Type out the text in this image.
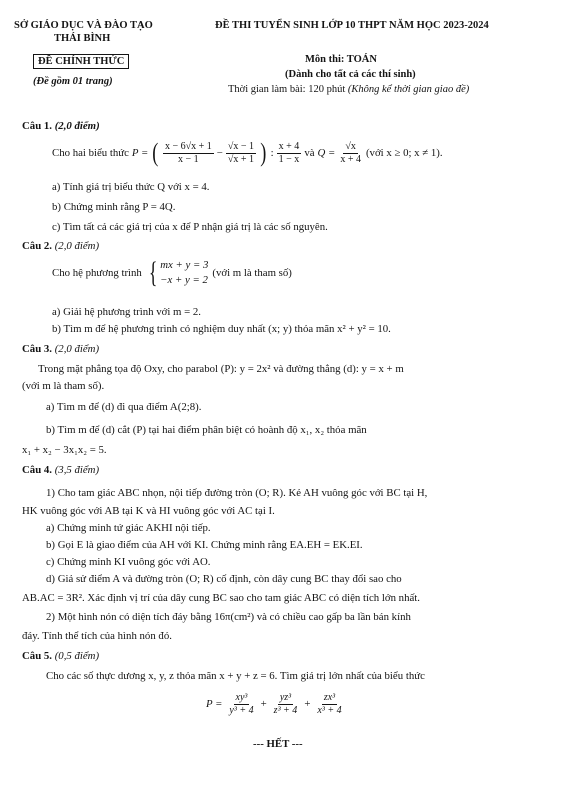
SỞ GIÁO DỤC VÀ ĐÀO TẠO
THÁI BÌNH
ĐỀ CHÍNH THỨC
(Đề gồm 01 trang)
ĐỀ THI TUYỂN SINH LỚP 10 THPT NĂM HỌC 2023-2024
Môn thi: TOÁN
(Dành cho tất cả các thí sinh)
Thời gian làm bài: 120 phút (Không kể thời gian giao đề)
Câu 1. (2,0 điểm)
Cho hai biểu thức P = ( $\frac{x - 6√x + 1}{x - 1} - \frac{√x - 1}{√x + 1}$ ) : $\frac{x + 4}{1 - x}$ và $Q = \frac{√x}{x + 4}$ (với x ≥ 0; x ≠ 1).
a) Tính giá trị biểu thức Q với x = 4.
b) Chứng minh rằng P = 4Q.
c) Tìm tất cả các giá trị của x để P nhận giá trị là các số nguyên.
Câu 2. (2,0 điểm)
Cho hệ phương trình { mx + y = 3
−x + y = 2
(với m là tham số)
a) Giải hệ phương trình với m = 2.
b) Tìm m để hệ phương trình có nghiệm duy nhất (x; y) thỏa mãn x² + y² = 10.
Câu 3. (2,0 điểm)
Trong mặt phẳng tọa độ Oxy, cho parabol (P): y = 2x² và đường thẳng (d): y = x + m
(với m là tham số).
a) Tìm m để (d) đi qua điểm A(2;8).
b) Tìm m để (d) cắt (P) tại hai điểm phân biệt có hoành độ x₁, x₂ thỏa mãn
x₁ + x₂ − 3x₁x₂ = 5.
Câu 4. (3,5 điểm)
1) Cho tam giác ABC nhọn, nội tiếp đường tròn (O; R). Kẻ AH vuông góc với BC tại H,
HK vuông góc với AB tại K và HI vuông góc với AC tại I.
a) Chứng minh tứ giác AKHI nội tiếp.
b) Gọi E là giao điểm của AH với KI. Chứng minh rằng EA.EH = EK.EI.
c) Chứng minh KI vuông góc với AO.
d) Giả sử điểm A và đường tròn (O; R) cố định, còn dây cung BC thay đổi sao cho
AB.AC = 3R². Xác định vị trí của dây cung BC sao cho tam giác ABC có diện tích lớn nhất.
2) Một hình nón có diện tích đáy bằng 16π(cm²) và có chiều cao gấp ba lần bán kính
đáy. Tính thể tích của hình nón đó.
Câu 5. (0,5 điểm)
Cho các số thực dương x, y, z thỏa mãn x + y + z = 6. Tìm giá trị lớn nhất của biểu thức
$P = \frac{\text{xy³}}{\text{y³ + 4}} + \frac{\text{yz³}}{\text{z³ + 4}} + \frac{\text{zx³}}{\text{x³ + 4}}$
--- HẾT ---
